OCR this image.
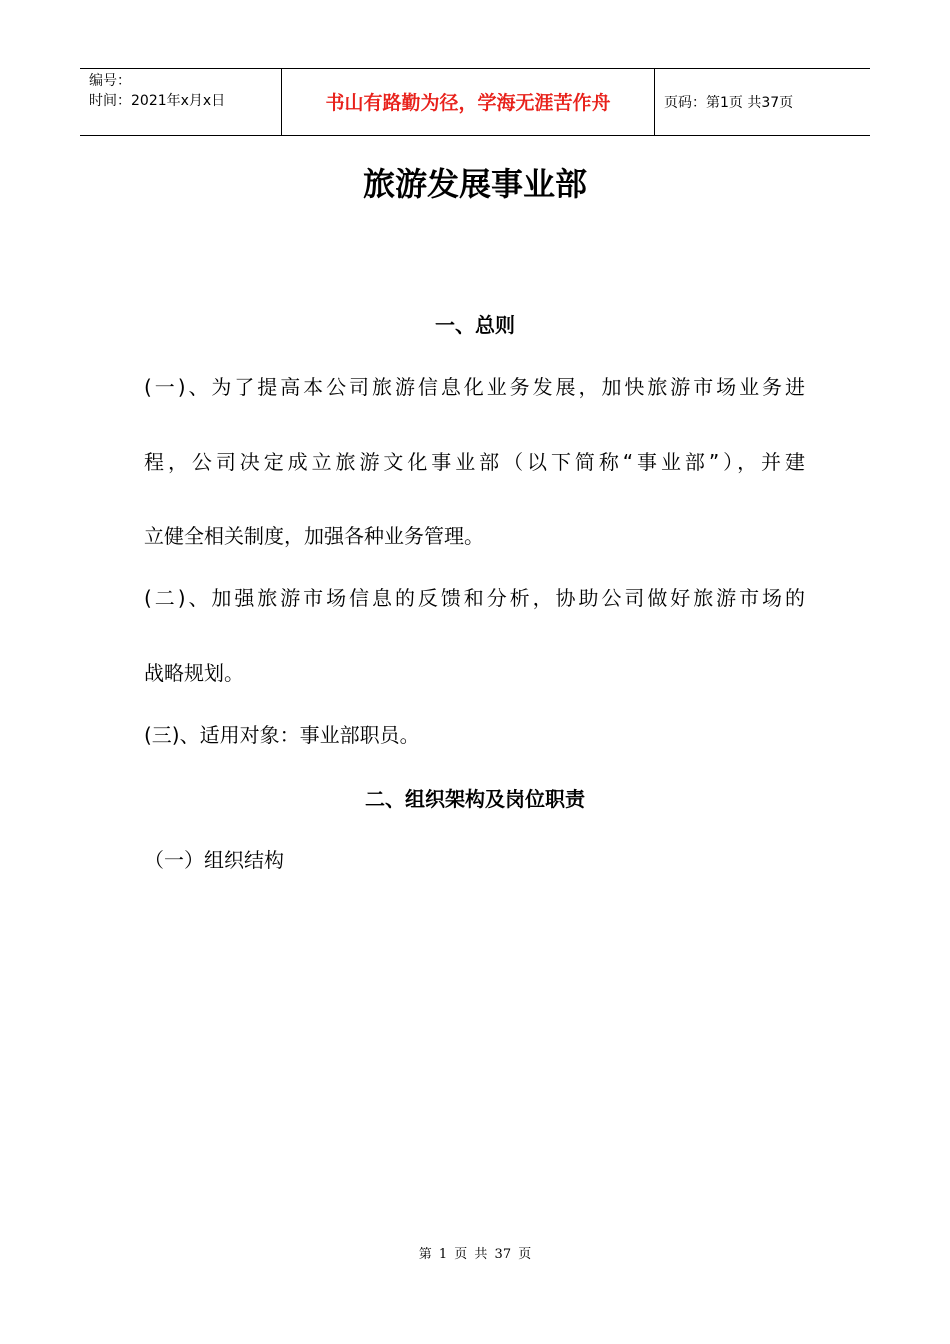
编号：
时间：2021年x月x日	书山有路勤为径，学海无涯苦作舟	页码：第1页 共37页
旅游发展事业部
一、总则
(一)、为了提高本公司旅游信息化业务发展，加快旅游市场业务进
程，公司决定成立旅游文化事业部（以下简称“事业部”），并建
立健全相关制度，加强各种业务管理。
(二)、加强旅游市场信息的反馈和分析，协助公司做好旅游市场的
战略规划。
(三)、适用对象：事业部职员。
二、组织架构及岗位职责
（一）组织结构
第 1 页 共 37 页
